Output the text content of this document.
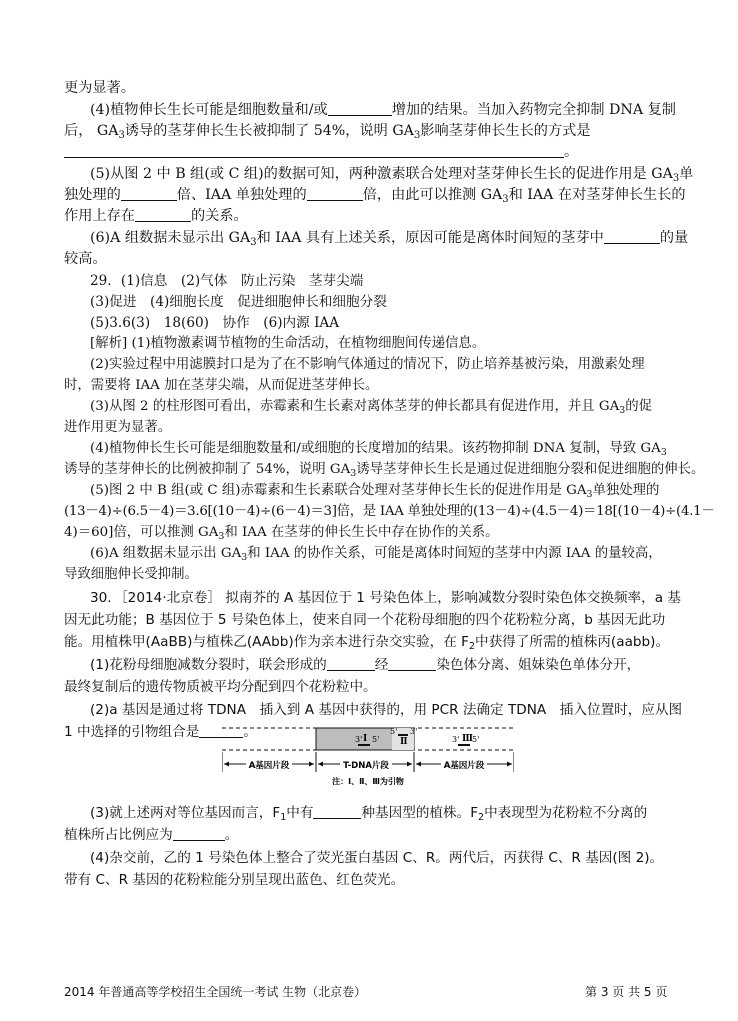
更为显著。
(4)植物伸长生长可能是细胞数量和/或	增加的结果。当加入药物完全抑制 DNA 复制
后， $GA_3$诱导的茎芽伸长生长被抑制了 54%，说明 $GA_3$影响茎芽伸长生长的方式是
。
(5)从图 2 中 B 组(或 C 组)的数据可知，两种激素联合处理对茎芽伸长生长的促进作用是 $GA_3$单
独处理的	倍、IAA 单独处理的	倍，由此可以推测 $GA_3$和 IAA 在对茎芽伸长生长的
作用上存在	的关系。
(6)A 组数据未显示出 $GA_3$和 IAA 具有上述关系，原因可能是离体时间短的茎芽中	的量
较高。
29．(1)信息　(2)气体　防止污染　茎芽尖端
(3)促进　(4)细胞长度　促进细胞伸长和细胞分裂
(5)3.6(3)　18(60)　协作　(6)内源 IAA
[解析] (1)植物激素调节植物的生命活动，在植物细胞间传递信息。
(2)实验过程中用滤膜封口是为了在不影响气体通过的情况下，防止培养基被污染，用激素处理
时，需要将 IAA 加在茎芽尖端，从而促进茎芽伸长。
(3)从图 2 的柱形图可看出，赤霉素和生长素对离体茎芽的伸长都具有促进作用，并且 $GA_3$的促
进作用更为显著。
(4)植物伸长生长可能是细胞数量和/或细胞的长度增加的结果。该药物抑制 DNA 复制，导致 $GA_3$
诱导的茎芽伸长的比例被抑制了 54%，说明 $GA_3$诱导茎芽伸长生长是通过促进细胞分裂和促进细胞的伸长。
(5)图 2 中 B 组(或 C 组)赤霉素和生长素联合处理对茎芽伸长生长的促进作用是 $GA_3$单独处理的
(13－4)÷(6.5－4)＝3.6[(10－4)÷(6－4)＝3]倍，是 IAA 单独处理的(13－4)÷(4.5－4)＝18[(10－4)÷(4.1－
4)＝60]倍，可以推测 $GA_3$和 IAA 在茎芽的伸长生长中存在协作的关系。
(6)A 组数据未显示出 $GA_3$和 IAA 的协作关系，可能是离体时间短的茎芽中内源 IAA 的量较高，
导致细胞伸长受抑制。
30．［2014·北京卷］ 拟南芥的 A 基因位于 1 号染色体上，影响减数分裂时染色体交换频率，a 基
因无此功能；B 基因位于 5 号染色体上，使来自同一个花粉母细胞的四个花粉粒分离，b 基因无此功
能。用植株甲(AaBB)与植株乙(AAbb)作为亲本进行杂交实验，在 $F_2$中获得了所需的植株丙(aabb)。
(1)花粉母细胞减数分裂时，联会形成的	经	染色体分离、姐妹染色单体分开，
最终复制后的遗传物质被平均分配到四个花粉粒中。
(2)a 基因是通过将 TDNA　插入到 A 基因中获得的，用 PCR 法确定 TDNA　插入位置时，应从图
1 中选择的引物组合是	。	3' Ⅰ 5'
5' 3'
Ⅱ	3' Ⅲ 5'
A基因片段	T-DNA片段	A基因片段
注：Ⅰ、Ⅱ、Ⅲ为引物
(3)就上述两对等位基因而言，$F_1$中有	种基因型的植株。$F_2$中表现型为花粉粒不分离的
植株所占比例应为	。
(4)杂交前，乙的 1 号染色体上整合了荧光蛋白基因 C、R。两代后，丙获得 C、R 基因(图 2)。
带有 C、R 基因的花粉粒能分别呈现出蓝色、红色荧光。
2014 年普通高等学校招生全国统一考试 生物（北京卷）	第 3 页 共 5 页
